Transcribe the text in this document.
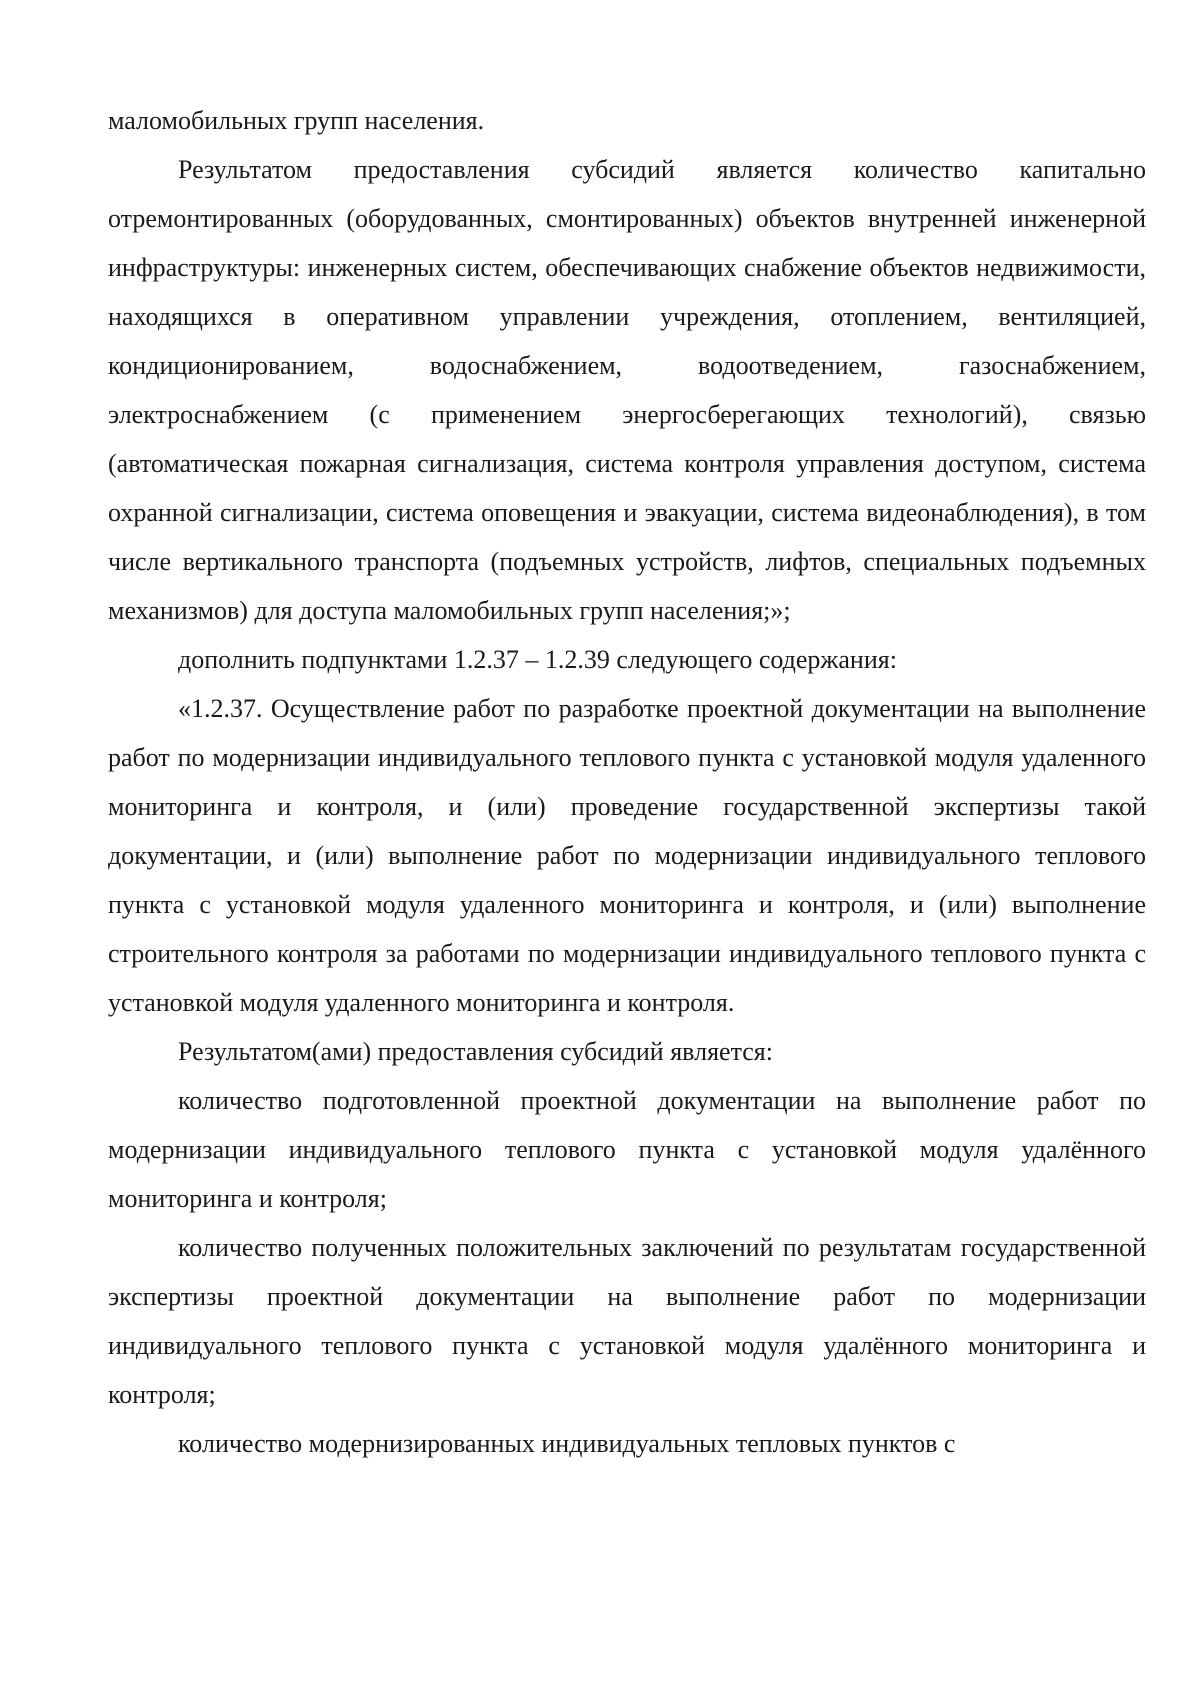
маломобильных групп населения.

Результатом предоставления субсидий является количество капитально отремонтированных (оборудованных, смонтированных) объектов внутренней инженерной инфраструктуры: инженерных систем, обеспечивающих снабжение объектов недвижимости, находящихся в оперативном управлении учреждения, отоплением, вентиляцией, кондиционированием, водоснабжением, водоотведением, газоснабжением, электроснабжением (с применением энергосберегающих технологий), связью (автоматическая пожарная сигнализация, система контроля управления доступом, система охранной сигнализации, система оповещения и эвакуации, система видеонаблюдения), в том числе вертикального транспорта (подъемных устройств, лифтов, специальных подъемных механизмов) для доступа маломобильных групп населения;»;

дополнить подпунктами 1.2.37 – 1.2.39 следующего содержания:

«1.2.37. Осуществление работ по разработке проектной документации на выполнение работ по модернизации индивидуального теплового пункта с установкой модуля удаленного мониторинга и контроля, и (или) проведение государственной экспертизы такой документации, и (или) выполнение работ по модернизации индивидуального теплового пункта с установкой модуля удаленного мониторинга и контроля, и (или) выполнение строительного контроля за работами по модернизации индивидуального теплового пункта с установкой модуля удаленного мониторинга и контроля.

Результатом(ами) предоставления субсидий является:

количество подготовленной проектной документации на выполнение работ по модернизации индивидуального теплового пункта с установкой модуля удалённого мониторинга и контроля;

количество полученных положительных заключений по результатам государственной экспертизы проектной документации на выполнение работ по модернизации индивидуального теплового пункта с установкой модуля удалённого мониторинга и контроля;

количество модернизированных индивидуальных тепловых пунктов с
